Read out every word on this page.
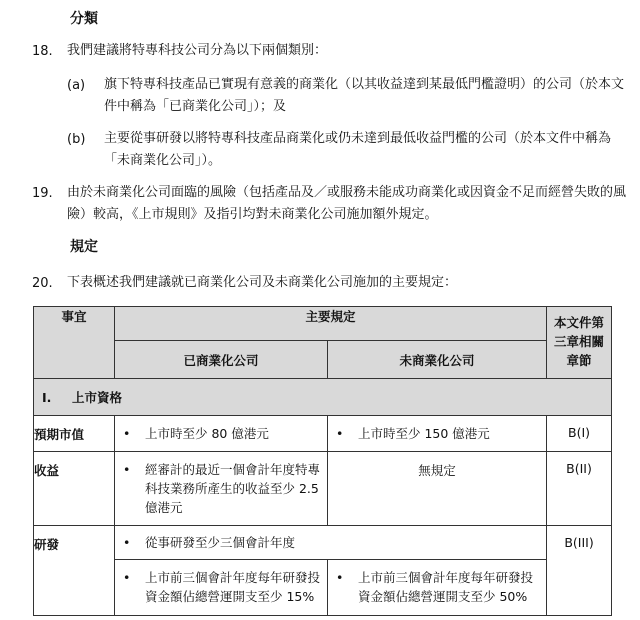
分類
18. 我們建議將特專科技公司分為以下兩個類別：
(a) 旗下特專科技產品已實現有意義的商業化（以其收益達到某最低門檻證明）的公司（於本文件中稱為「已商業化公司」）；及
(b) 主要從事研發以將特專科技產品商業化或仍未達到最低收益門檻的公司（於本文件中稱為「未商業化公司」）。
19. 由於未商業化公司面臨的風險（包括產品及／或服務未能成功商業化或因資金不足而經營失敗的風險）較高，《上市規則》及指引均對未商業化公司施加額外規定。
規定
20. 下表概述我們建議就已商業化公司及未商業化公司施加的主要規定：
事宜	主要規定		本文件第三章相關章節
	已商業化公司	未商業化公司	
I. 上市資格			
預期市值	• 上市時至少 80 億港元	• 上市時至少 150 億港元	B(I)
收益	• 經審計的最近一個會計年度特專科技業務所產生的收益至少 2.5 億港元	無規定	B(II)
研發	• 從事研發至少三個會計年度		B(III)

	• 上市前三個會計年度每年研發投資金額佔總營運開支至少 15%	• 上市前三個會計年度每年研發投資金額佔總營運開支至少 50%	
